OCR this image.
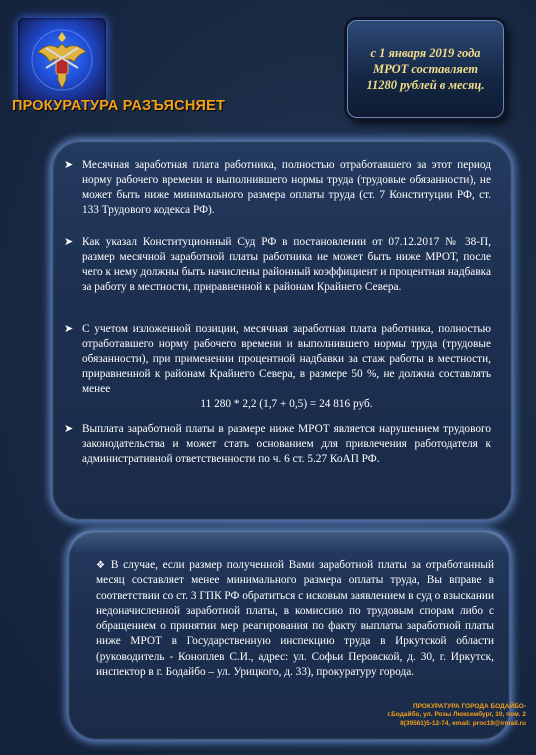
ПРОКУРАТУРА РАЗЪЯСНЯЕТ
с 1 января 2019 года МРОТ составляет 11280 рублей в месяц.
➤ Месячная заработная плата работника, полностью отработавшего за этот период норму рабочего времени и выполнившего нормы труда (трудовые обязанности), не может быть ниже минимального размера оплаты труда (ст. 7 Конституции РФ, ст. 133 Трудового кодекса РФ).
➤ Как указал Конституционный Суд РФ в постановлении от 07.12.2017 № 38-П, размер месячной заработной платы работника не может быть ниже МРОТ, после чего к нему должны быть начислены районный коэффициент и процентная надбавка за работу в местности, приравненной к районам Крайнего Севера.
➤ С учетом изложенной позиции, месячная заработная плата работника, полностью отработавшего норму рабочего времени и выполнившего нормы труда (трудовые обязанности), при применении процентной надбавки за стаж работы в местности, приравненной к районам Крайнего Севера, в размере 50 %, не должна составлять менее
11 280 * 2,2 (1,7 + 0,5) = 24 816 руб.
➤ Выплата заработной платы в размере ниже МРОТ является нарушением трудового законодательства и может стать основанием для привлечения работодателя к административной ответственности по ч. 6 ст. 5.27 КоАП РФ.
❖ В случае, если размер полученной Вами заработной платы за отработанный месяц составляет менее минимального размера оплаты труда, Вы вправе в соответствии со ст. 3 ГПК РФ обратиться с исковым заявлением в суд о взыскании недоначисленной заработной платы, в комиссию по трудовым спорам либо с обращением о принятии мер реагирования по факту выплаты заработной платы ниже МРОТ в Государственную инспекцию труда в Иркутской области (руководитель - Коноплев С.И., адрес: ул. Софьи Перовской, д. 30, г. Иркутск, инспектор в г. Бодайбо – ул. Урицкого, д. 33), прокуратуру города.
ПРОКУРАТУРА ГОРОДА БОДАЙБО-
г.Бодайбо, ул. Розы Люксембург, 10, пом. 2
8(39561)5-12-74, email: proc19@irmail.ru
